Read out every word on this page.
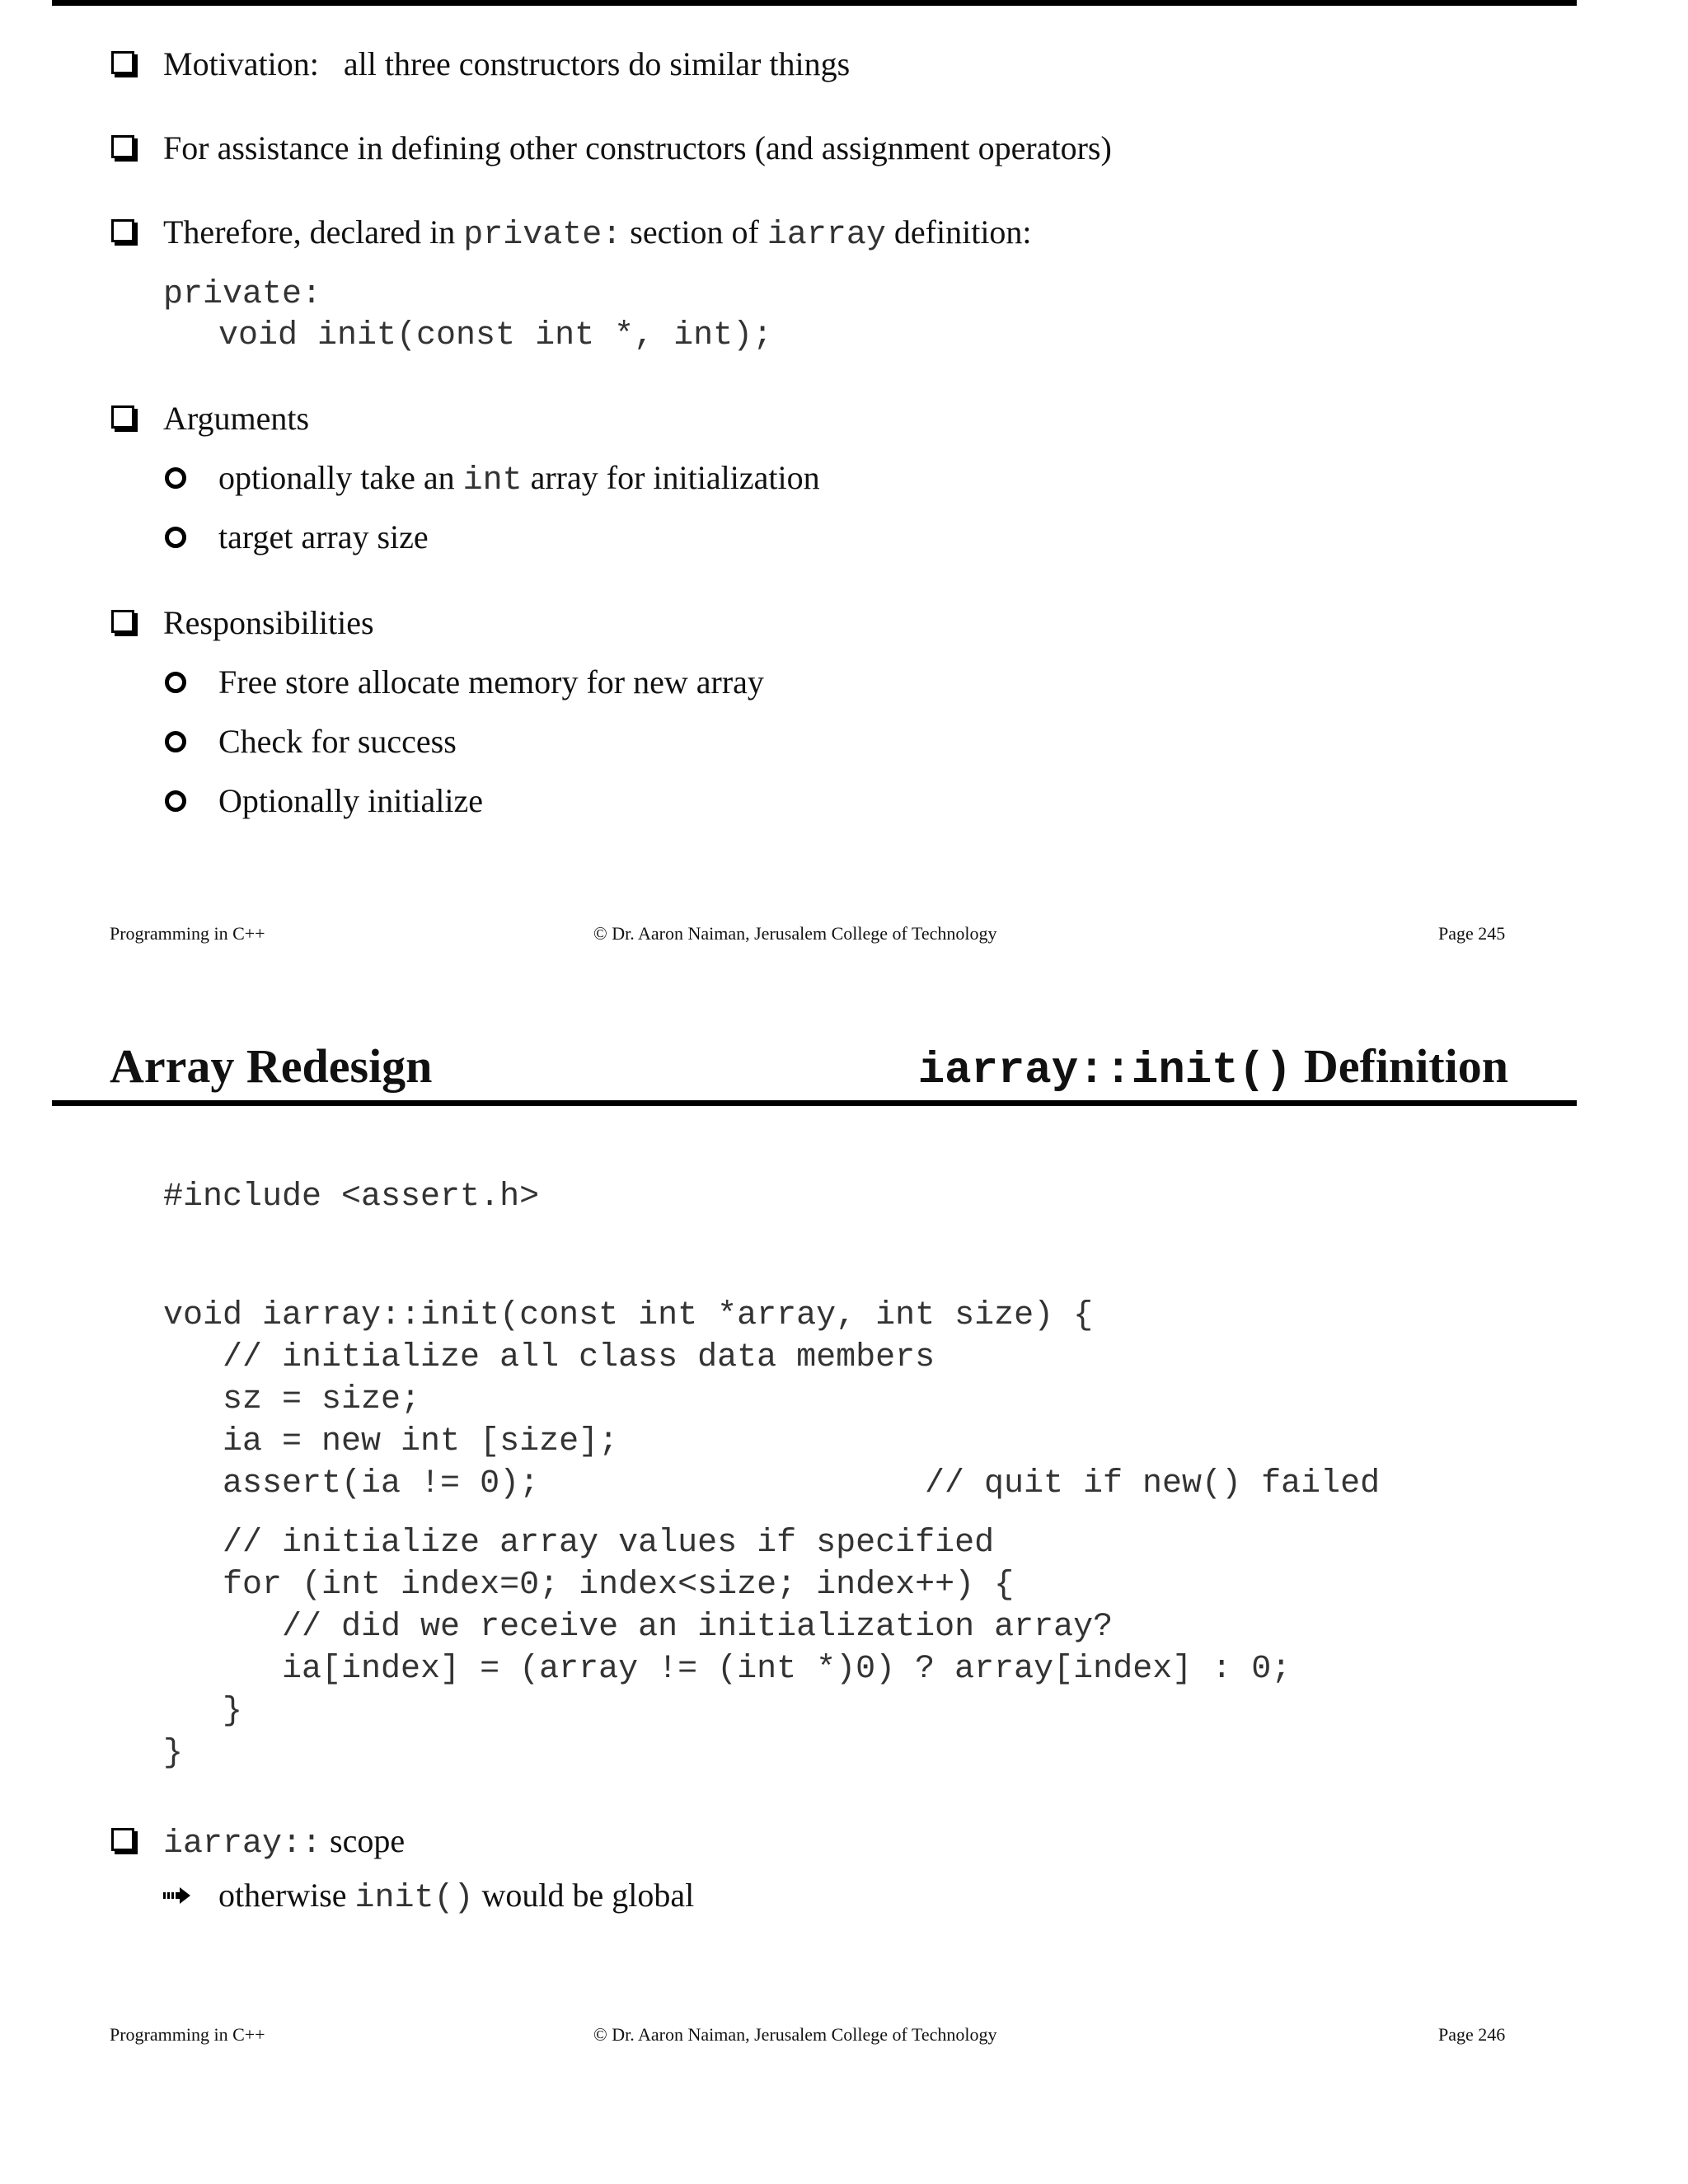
Motivation:   all three constructors do similar things
For assistance in defining other constructors (and assignment operators)
Therefore, declared in private: section of iarray definition:
private:
void init(const int *, int);
Arguments
optionally take an int array for initialization
target array size
Responsibilities
Free store allocate memory for new array
Check for success
Optionally initialize
Programming in C++	© Dr. Aaron Naiman, Jerusalem College of Technology	Page 245
Array Redesign	iarray::init() Definition
#include <assert.h>
void iarray::init(const int *array, int size) {
// initialize all class data members
sz = size;
ia = new int [size];
assert(ia != 0);	// quit if new() failed
// initialize array values if specified
for (int index=0; index<size; index++) {
// did we receive an initialization array?
ia[index] = (array != (int *)0) ? array[index] : 0;
}
}
iarray:: scope
otherwise init() would be global
Programming in C++	© Dr. Aaron Naiman, Jerusalem College of Technology	Page 246
